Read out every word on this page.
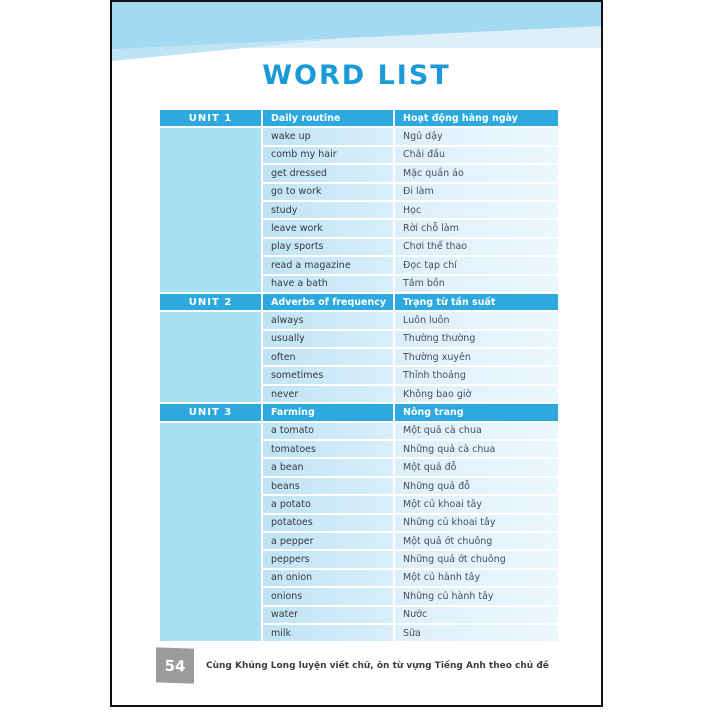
WORD LIST
UNIT 1	Daily routine	Hoạt động hàng ngày
wake up	Ngủ dậy
comb my hair	Chải đầu
get dressed	Mặc quần áo
go to work	Đi làm
study	Học
leave work	Rời chỗ làm
play sports	Chơi thể thao
read a magazine	Đọc tạp chí
have a bath	Tắm bồn
UNIT 2	Adverbs of frequency	Trạng từ tần suất
always	Luôn luôn
usually	Thường thường
often	Thường xuyên
sometimes	Thỉnh thoảng
never	Không bao giờ
UNIT 3	Farming	Nông trang
a tomato	Một quả cà chua
tomatoes	Những quả cà chua
a bean	Một quả đỗ
beans	Những quả đỗ
a potato	Một củ khoai tây
potatoes	Những củ khoai tây
a pepper	Một quả ớt chuông
peppers	Những quả ớt chuông
an onion	Một củ hành tây
onions	Những củ hành tây
water	Nước
milk	Sữa
54 Cùng Khủng Long luyện viết chữ, ôn từ vựng Tiếng Anh theo chủ đề
